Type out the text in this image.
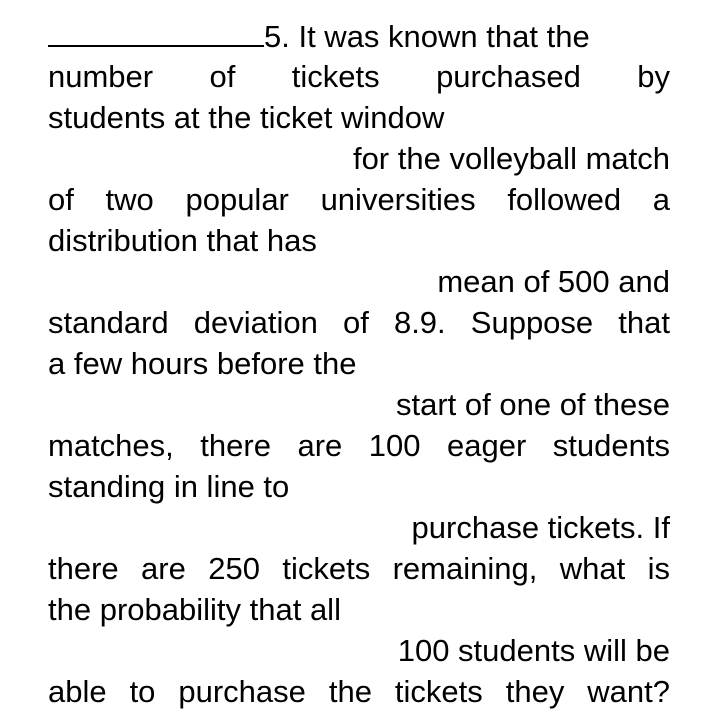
5. It was known that the
number of tickets purchased by
students at the ticket window
for the volleyball match
of two popular universities followed a
distribution that has
mean of 500 and
standard deviation of 8.9. Suppose that
a few hours before the
start of one of these
matches, there are 100 eager students
standing in line to
purchase tickets. If
there are 250 tickets remaining, what is
the probability that all
100 students will be
able to purchase the tickets they want?
